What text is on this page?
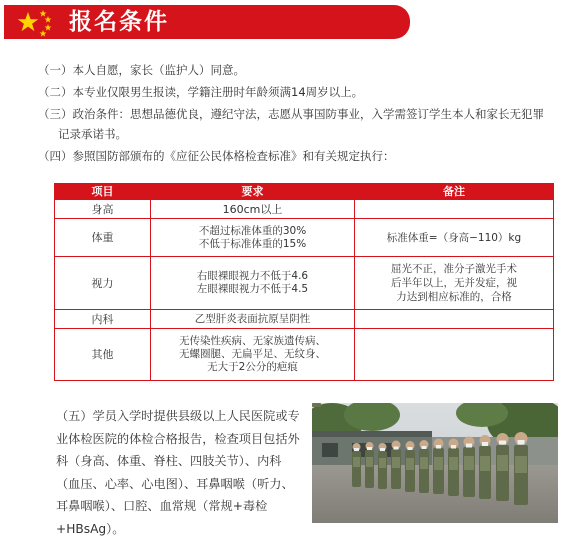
报名条件
（一）本人自愿，家长（监护人）同意。
（二）本专业仅限男生报读，学籍注册时年龄须满14周岁以上。
（三）政治条件：思想品德优良，遵纪守法，志愿从事国防事业，入学需签订学生本人和家长无犯罪
记录承诺书。
（四）参照国防部颁布的《应征公民体格检查标准》和有关规定执行：
项目	要求	备注
身高	160cm以上	

体重	不超过标准体重的30%
不低于标准体重的15%	标准体重=（身高−110）kg

视力	右眼裸眼视力不低于4.6
左眼裸眼视力不低于4.5	屈光不正，准分子激光手术
后半年以上，无并发症，视
力达到相应标准的，合格

内科	乙型肝炎表面抗原呈阴性	

其他	无传染性疾病、无家族遗传病、
无螺圈腿、无扁平足、无纹身、
无大于2公分的疤痕	

（五）学员入学时提供县级以上人民医院或专
业体检医院的体检合格报告，检查项目包括外
科（身高、体重、脊柱、四肢关节）、内科
（血压、心率、心电图）、耳鼻咽喉（听力、
耳鼻咽喉）、口腔、血常规（常规+毒检
+HBsAg）。
